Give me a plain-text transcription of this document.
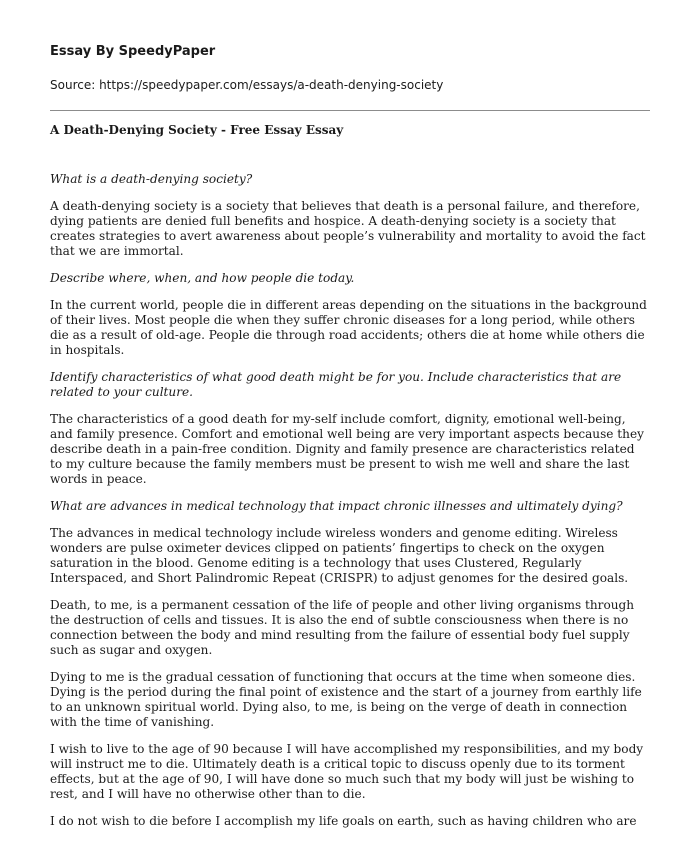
Essay By SpeedyPaper
Source: https://speedypaper.com/essays/a-death-denying-society
A Death-Denying Society - Free Essay Essay

What is a death-denying society?

A death-denying society is a society that believes that death is a personal failure, and therefore, dying patients are denied full benefits and hospice. A death-denying society is a society that creates strategies to avert awareness about people’s vulnerability and mortality to avoid the fact that we are immortal.

Describe where, when, and how people die today.

In the current world, people die in different areas depending on the situations in the background of their lives. Most people die when they suffer chronic diseases for a long period, while others die as a result of old-age. People die through road accidents; others die at home while others die in hospitals.

Identify characteristics of what good death might be for you. Include characteristics that are related to your culture.

The characteristics of a good death for my-self include comfort, dignity, emotional well-being, and family presence. Comfort and emotional well being are very important aspects because they describe death in a pain-free condition. Dignity and family presence are characteristics related to my culture because the family members must be present to wish me well and share the last words in peace.

What are advances in medical technology that impact chronic illnesses and ultimately dying?

The advances in medical technology include wireless wonders and genome editing. Wireless wonders are pulse oximeter devices clipped on patients’ fingertips to check on the oxygen saturation in the blood. Genome editing is a technology that uses Clustered, Regularly Interspaced, and Short Palindromic Repeat (CRISPR) to adjust genomes for the desired goals.

Death, to me, is a permanent cessation of the life of people and other living organisms through the destruction of cells and tissues. It is also the end of subtle consciousness when there is no connection between the body and mind resulting from the failure of essential body fuel supply such as sugar and oxygen.

Dying to me is the gradual cessation of functioning that occurs at the time when someone dies. Dying is the period during the final point of existence and the start of a journey from earthly life to an unknown spiritual world. Dying also, to me, is being on the verge of death in connection with the time of vanishing.

I wish to live to the age of 90 because I will have accomplished my responsibilities, and my body will instruct me to die. Ultimately death is a critical topic to discuss openly due to its torment effects, but at the age of 90, I will have done so much such that my body will just be wishing to rest, and I will have no otherwise other than to die.

I do not wish to die before I accomplish my life goals on earth, such as having children who are
